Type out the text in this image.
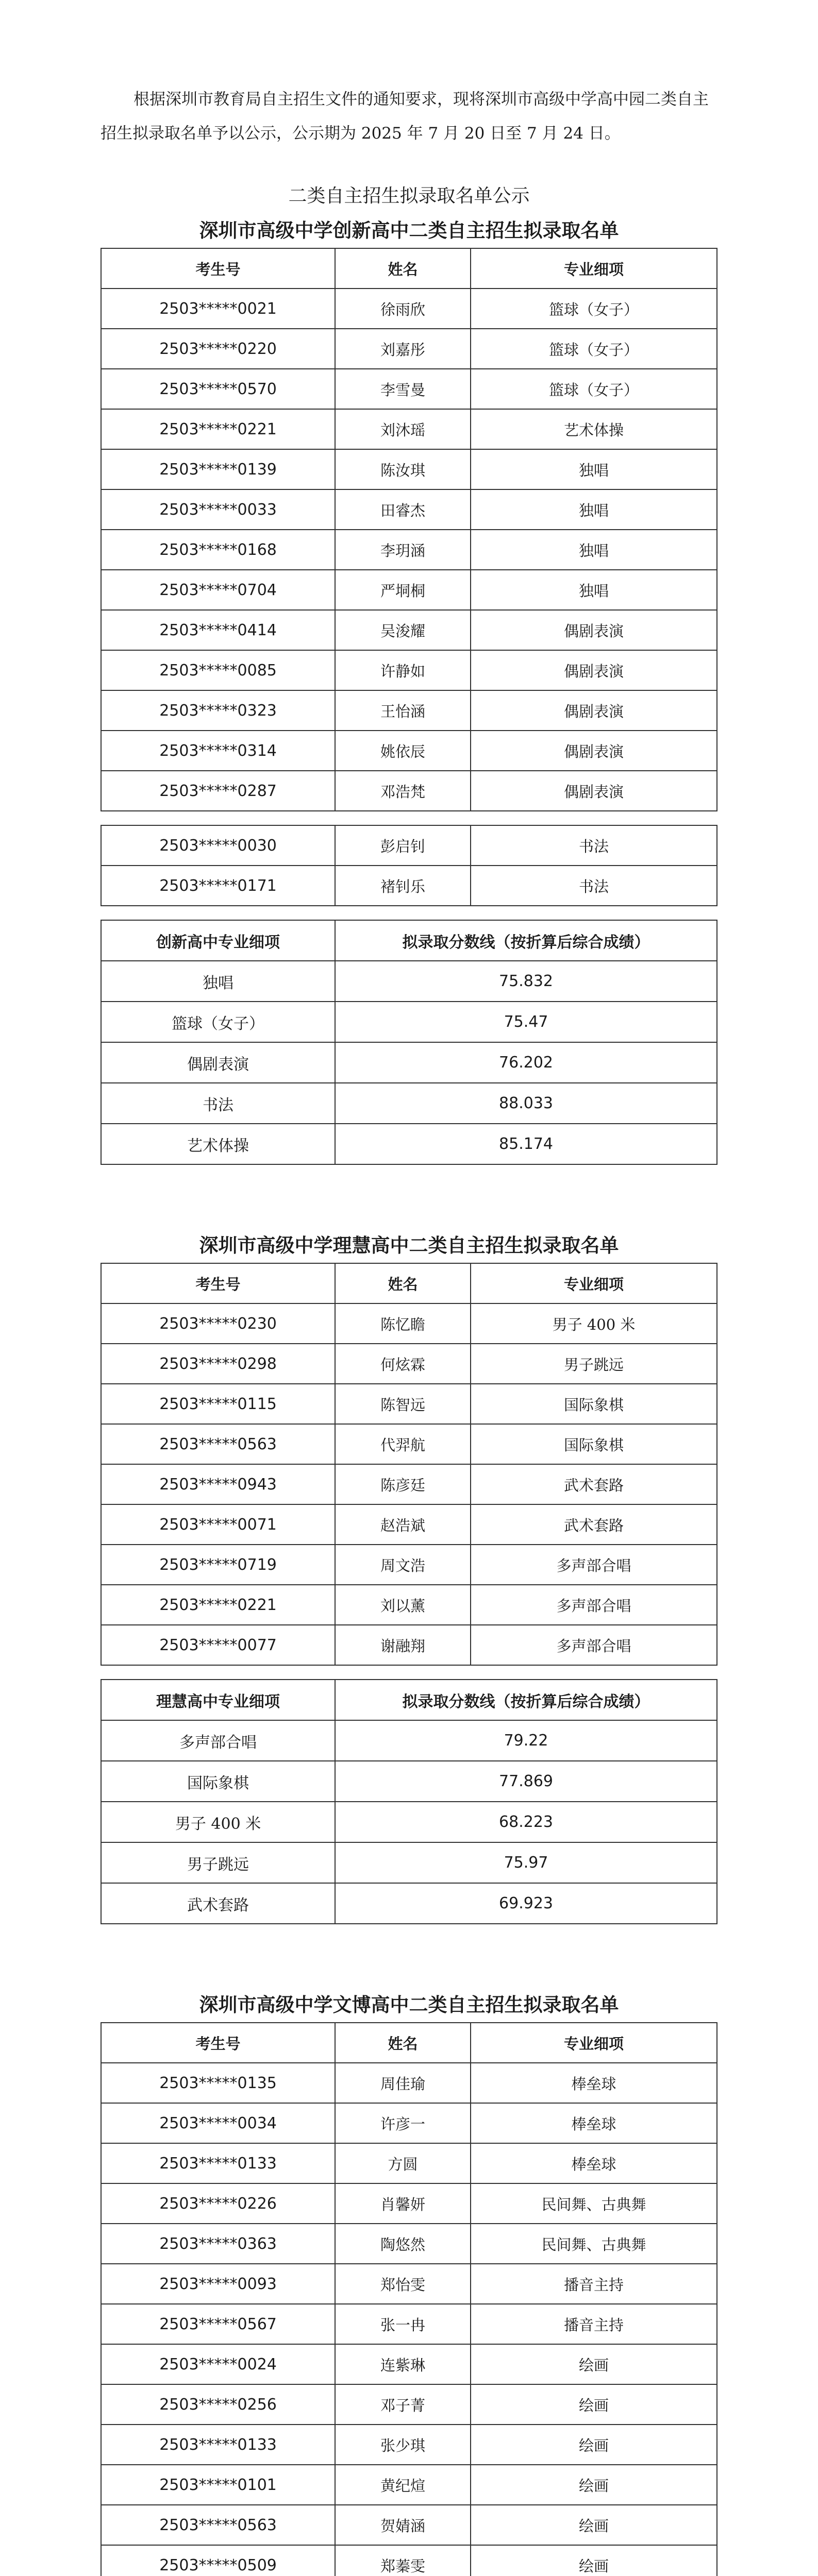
根据深圳市教育局自主招生文件的通知要求，现将深圳市高级中学高中园二类自主招生拟录取名单予以公示，公示期为 2025 年 7 月 20 日至 7 月 24 日。

二类自主招生拟录取名单公示
深圳市高级中学创新高中二类自主招生拟录取名单
考生号	姓名	专业细项
2503*****0021	徐雨欣	篮球（女子）
2503*****0220	刘嘉彤	篮球（女子）
2503*****0570	李雪曼	篮球（女子）
2503*****0221	刘沐瑶	艺术体操
2503*****0139	陈汝琪	独唱
2503*****0033	田睿杰	独唱
2503*****0168	李玥涵	独唱
2503*****0704	严垌桐	独唱
2503*****0414	吴浚耀	偶剧表演
2503*****0085	许静如	偶剧表演
2503*****0323	王怡涵	偶剧表演
2503*****0314	姚依辰	偶剧表演
2503*****0287	邓浩梵	偶剧表演
2503*****0030	彭启钊	书法
2503*****0171	褚钊乐	书法
创新高中专业细项	拟录取分数线（按折算后综合成绩）
独唱	75.832
篮球（女子）	75.47
偶剧表演	76.202
书法	88.033
艺术体操	85.174
深圳市高级中学理慧高中二类自主招生拟录取名单
考生号	姓名	专业细项
2503*****0230	陈忆瞻	男子 400 米
2503*****0298	何炫霖	男子跳远
2503*****0115	陈智远	国际象棋
2503*****0563	代羿航	国际象棋
2503*****0943	陈彦廷	武术套路
2503*****0071	赵浩斌	武术套路
2503*****0719	周文浩	多声部合唱
2503*****0221	刘以薰	多声部合唱
2503*****0077	谢融翔	多声部合唱
理慧高中专业细项	拟录取分数线（按折算后综合成绩）
多声部合唱	79.22
国际象棋	77.869
男子 400 米	68.223
男子跳远	75.97
武术套路	69.923
深圳市高级中学文博高中二类自主招生拟录取名单
考生号	姓名	专业细项
2503*****0135	周佳瑜	棒垒球
2503*****0034	许彦一	棒垒球
2503*****0133	方圆	棒垒球
2503*****0226	肖馨妍	民间舞、古典舞
2503*****0363	陶悠然	民间舞、古典舞
2503*****0093	郑怡雯	播音主持
2503*****0567	张一冉	播音主持
2503*****0024	连紫琳	绘画
2503*****0256	邓子菁	绘画
2503*****0133	张少琪	绘画
2503*****0101	黄纪煊	绘画
2503*****0563	贺婧涵	绘画
2503*****0509	郑蓁雯	绘画
